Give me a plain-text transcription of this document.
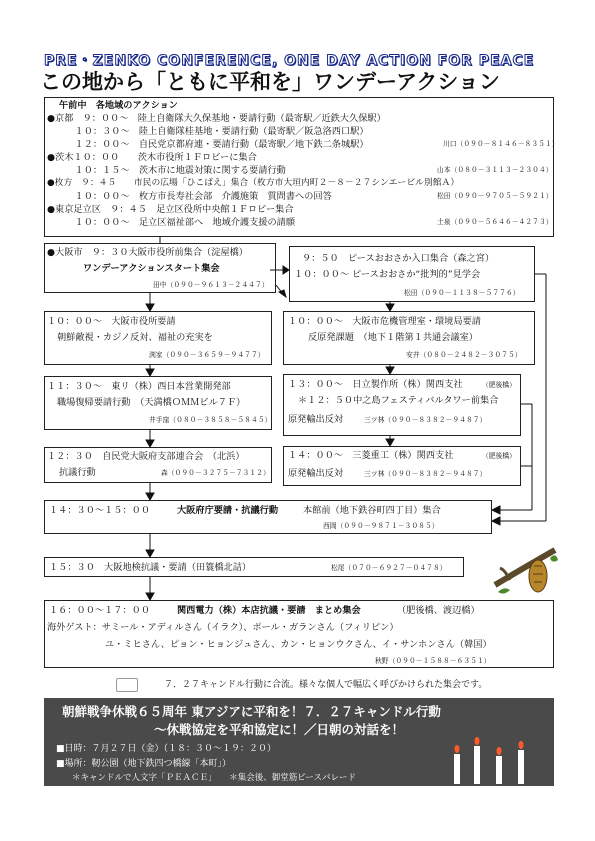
PRE・ZENKO CONFERENCE, ONE DAY ACTION FOR PEACE
この地から「ともに平和を」ワンデーアクション
午前中　各地域のアクション
●京都　９：００～　陸上自衛隊大久保基地・要請行動（最寄駅／近鉄大久保駅）
　　　１０：３０～　陸上自衛隊桂基地・要請行動（最寄駅／阪急洛西口駅）
　　　１２：００～　自民党京都府連・要請行動（最寄駅／地下鉄二条城駅）	川口（０９０－８１４６－８３５１）
●茨木１０：００　　茨木市役所１Ｆロビーに集合
　　　１０：１５～　茨木市に地震対策に関する要請行動	山本（０８０－３１１３－２３０４）
●枚方　９：４５　　市民の広場「ひこばえ」集合（枚方市大垣内町２－８－２７シンエービル別館Ａ）
　　　１０：００～　枚方市長寿社会部　介護施策　質問書への回答	松田（０９０－９７０５－５９２１）
●東京足立区　９：４５　足立区役所中央館１Ｆロビー集合
　　　１０：００～　足立区福祉部へ　地域介護支援の請願	土泉（０９０－５６４６－４２７３）
●大阪市　９：３０大阪市役所前集合（淀屋橋）
ワンデーアクションスタート集会
田中（０９０－９６１３－２４４７）
９：５０　ピースおおさか入口集合（森之宮）
１０：００～ ピースおおさか“批判的”見学会
松田（０９０－１１３８－５７７６）
１０：００～　大阪市役所要請
朝鮮敵視・カジノ反対、福祉の充実を
渕家（０９０－３６５９－９４７７）
１１：３０～　東リ（株）西日本営業開発部
職場復帰要請行動　（天満橋ＯＭＭビル７Ｆ）
井手窪（０８０－３８５８－５８４５）
１２：３０　自民党大阪府支部連合会　（北浜）
抗議行動	森（０９０－３２７５－７３１２）
１０：００～　大阪市危機管理室・環境局要請
反原発課題　（地下１階第１共通会議室）
安井（０８０－２４８２－３０７５）
１３：００～　日立製作所（株）関西支社	（肥後橋）
＊１２：５０中之島フェスティバルタワー前集合
原発輸出反対	三ツ林（０９０－８３８２－９４８７）
１４：００～　三菱重工（株）関西支社	（肥後橋）
原発輸出反対	三ツ林（０９０－８３８２－９４８７）
１４：３０～１５：００	大阪府庁要請・抗議行動	本館前（地下鉄谷町四丁目）集合
西岡（０９０－９８７１－３０８５）
１５：３０　大阪地検抗議・要請（田簑橋北詰）	松尾（０７０－６９２７－０４７８）
１６：００～１７：００	関西電力（株）本店抗議・要請　まとめ集会	（肥後橋、渡辺橋）
海外ゲスト：サミール・アディルさん（イラク）、ポール・ガランさん（フィリピン）
ユ・ミヒさん、ピョン・ヒョンジュさん、カン・ヒョンウクさん、イ・サンホンさん（韓国）
秋野（０９０－１５８８－６３５１）
７．２７キャンドル行動に合流。様々な個人で幅広く呼びかけられた集会です。
朝鮮戦争休戦６５周年 東アジアに平和を！７．２７キャンドル行動
～休戦協定を平和協定に！／日朝の対話を！
■日時：７月２７日（金）（１８：３０～１９：２０）
■場所：靭公園（地下鉄四つ橋線「本町」）
＊キャンドルで人文字「ＰＥＡＣＥ」　　＊集会後、御堂筋ピースパレード
